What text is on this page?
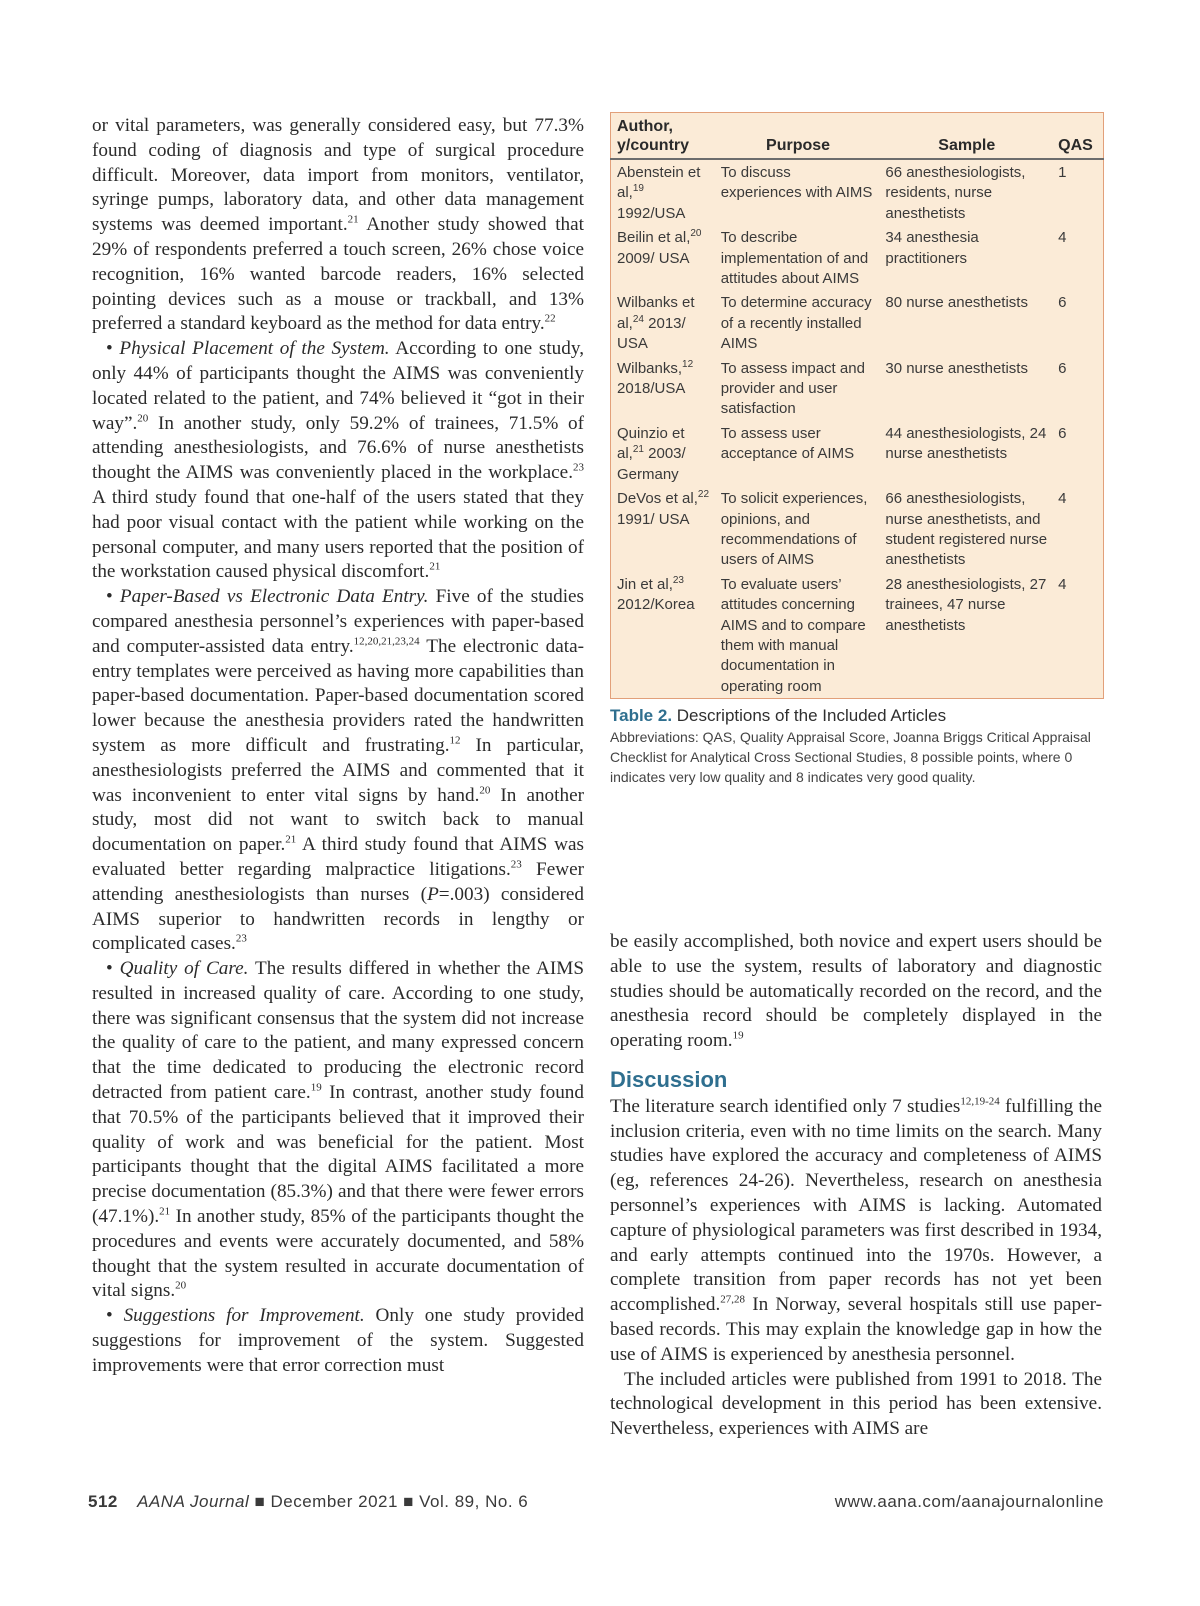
or vital parameters, was generally considered easy, but 77.3% found coding of diagnosis and type of surgical procedure difficult. Moreover, data import from monitors, ventilator, syringe pumps, laboratory data, and other data management systems was deemed important.$^{21}$ Another study showed that 29% of respondents preferred a touch screen, 26% chose voice recognition, 16% wanted barcode readers, 16% selected pointing devices such as a mouse or trackball, and 13% preferred a standard keyboard as the method for data entry.$^{22}$

• Physical Placement of the System. According to one study, only 44% of participants thought the AIMS was conveniently located related to the patient, and 74% believed it “got in their way”.$^{20}$ In another study, only 59.2% of trainees, 71.5% of attending anesthesiologists, and 76.6% of nurse anesthetists thought the AIMS was conveniently placed in the workplace.$^{23}$ A third study found that one-half of the users stated that they had poor visual contact with the patient while working on the personal computer, and many users reported that the position of the workstation caused physical discomfort.$^{21}$

• Paper-Based vs Electronic Data Entry. Five of the studies compared anesthesia personnel’s experiences with paper-based and computer-assisted data entry.$^{12,20,21,23,24}$ The electronic data-entry templates were perceived as having more capabilities than paper-based documentation. Paper-based documentation scored lower because the anesthesia providers rated the handwritten system as more difficult and frustrating.$^{12}$ In particular, anesthesiologists preferred the AIMS and commented that it was inconvenient to enter vital signs by hand.$^{20}$ In another study, most did not want to switch back to manual documentation on paper.$^{21}$ A third study found that AIMS was evaluated better regarding malpractice litigations.$^{23}$ Fewer attending anesthesiologists than nurses (P=.003) considered AIMS superior to handwritten records in lengthy or complicated cases.$^{23}$

• Quality of Care. The results differed in whether the AIMS resulted in increased quality of care. According to one study, there was significant consensus that the system did not increase the quality of care to the patient, and many expressed concern that the time dedicated to producing the electronic record detracted from patient care.$^{19}$ In contrast, another study found that 70.5% of the participants believed that it improved their quality of work and was beneficial for the patient. Most participants thought that the digital AIMS facilitated a more precise documentation (85.3%) and that there were fewer errors (47.1%).$^{21}$ In another study, 85% of the participants thought the procedures and events were accurately documented, and 58% thought that the system resulted in accurate documentation of vital signs.$^{20}$

• Suggestions for Improvement. Only one study provided suggestions for improvement of the system. Suggested improvements were that error correction must

Author, y/country	Purpose	Sample	QAS
Abenstein et al,$^{19}$ 1992/USA	To discuss experiences with AIMS	66 anesthesiologists, residents, nurse anesthetists	1
Beilin et al,$^{20}$ 2009/ USA	To describe implementation of and attitudes about AIMS	34 anesthesia practitioners	4
Wilbanks et al,$^{24}$ 2013/ USA	To determine accuracy of a recently installed AIMS	80 nurse anesthetists	6
Wilbanks,$^{12}$ 2018/USA	To assess impact and provider and user satisfaction	30 nurse anesthetists	6
Quinzio et al,$^{21}$ 2003/ Germany	To assess user acceptance of AIMS	44 anesthesiologists, 24 nurse anesthetists	6
DeVos et al,$^{22}$ 1991/ USA	To solicit experiences, opinions, and recommendations of users of AIMS	66 anesthesiologists, nurse anesthetists, and student registered nurse anesthetists	4
Jin et al,$^{23}$ 2012/Korea	To evaluate users’ attitudes concerning AIMS and to compare them with manual documentation in operating room	28 anesthesiologists, 27 trainees, 47 nurse anesthetists	4
Table 2. Descriptions of the Included Articles
Abbreviations: QAS, Quality Appraisal Score, Joanna Briggs Critical Appraisal Checklist for Analytical Cross Sectional Studies, 8 possible points, where 0 indicates very low quality and 8 indicates very good quality.

be easily accomplished, both novice and expert users should be able to use the system, results of laboratory and diagnostic studies should be automatically recorded on the record, and the anesthesia record should be completely displayed in the operating room.$^{19}$

Discussion

The literature search identified only 7 studies$^{12,19-24}$ fulfilling the inclusion criteria, even with no time limits on the search. Many studies have explored the accuracy and completeness of AIMS (eg, references 24-26). Nevertheless, research on anesthesia personnel’s experiences with AIMS is lacking. Automated capture of physiological parameters was first described in 1934, and early attempts continued into the 1970s. However, a complete transition from paper records has not yet been accomplished.$^{27,28}$ In Norway, several hospitals still use paper-based records. This may explain the knowledge gap in how the use of AIMS is experienced by anesthesia personnel.

The included articles were published from 1991 to 2018. The technological development in this period has been extensive. Nevertheless, experiences with AIMS are

512 AANA Journal ■ December 2021 ■ Vol. 89, No. 6	www.aana.com/aanajournalonline
